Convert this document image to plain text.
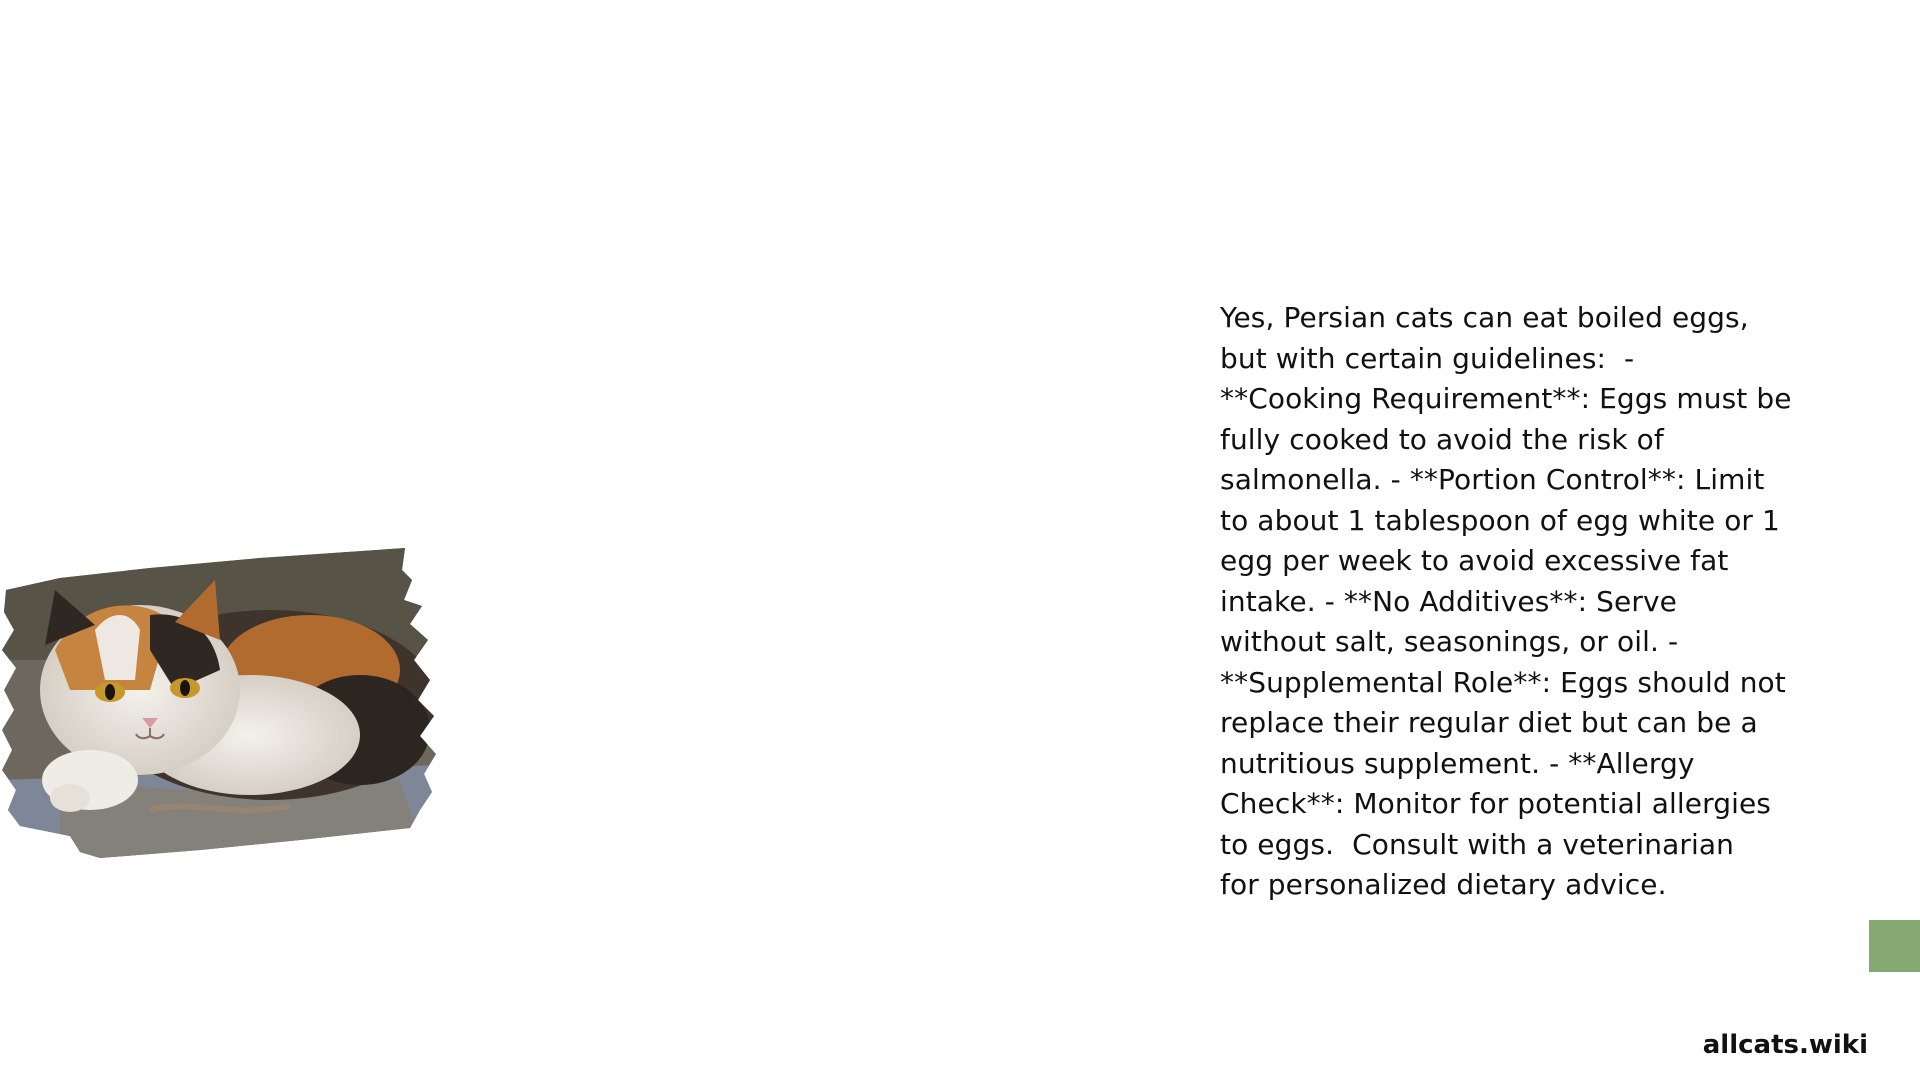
Yes, Persian cats can eat boiled eggs,
but with certain guidelines:  -
**Cooking Requirement**: Eggs must be
fully cooked to avoid the risk of
salmonella. - **Portion Control**: Limit
to about 1 tablespoon of egg white or 1
egg per week to avoid excessive fat
intake. - **No Additives**: Serve
without salt, seasonings, or oil. -
**Supplemental Role**: Eggs should not
replace their regular diet but can be a
nutritious supplement. - **Allergy
Check**: Monitor for potential allergies
to eggs.  Consult with a veterinarian
for personalized dietary advice.

allcats.wiki
